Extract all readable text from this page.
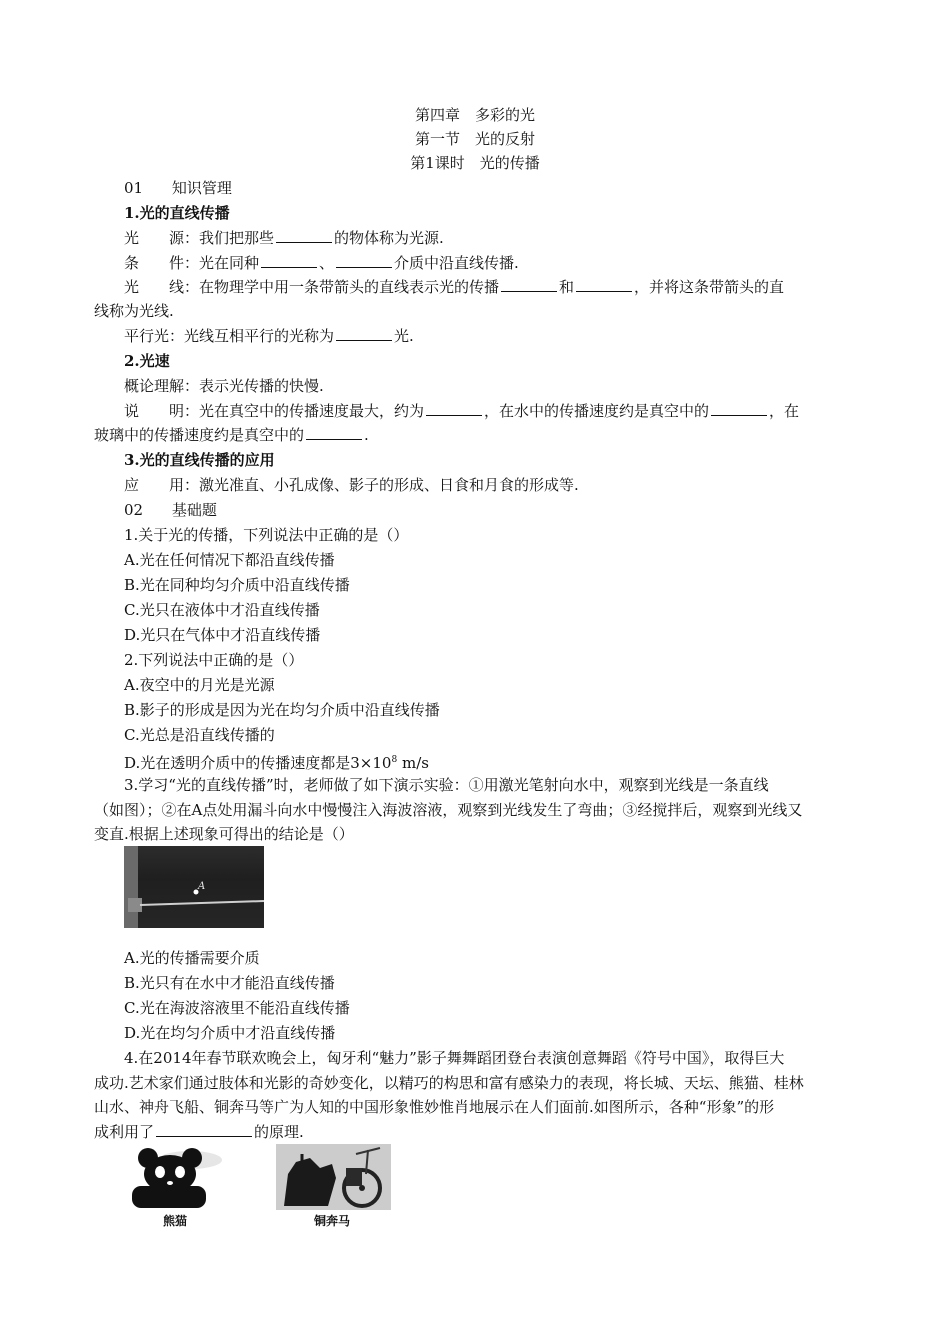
第四章　多彩的光
第一节　光的反射
第1课时　光的传播
01 知识管理
1.光的直线传播
光　　源：我们把那些	的物体称为光源.
条　　件：光在同种	、	介质中沿直线传播.
光　　线：在物理学中用一条带箭头的直线表示光的传播	和	，并将这条带箭头的直
线称为光线.
平行光：光线互相平行的光称为	光.
2.光速
概论理解：表示光传播的快慢.
说　　明：光在真空中的传播速度最大，约为	，在水中的传播速度约是真空中的	，在
玻璃中的传播速度约是真空中的	.
3.光的直线传播的应用
应　　用：激光准直、小孔成像、影子的形成、日食和月食的形成等.
02 基础题
1.关于光的传播，下列说法中正确的是（）
A.光在任何情况下都沿直线传播
B.光在同种均匀介质中沿直线传播
C.光只在液体中才沿直线传播
D.光只在气体中才沿直线传播
2.下列说法中正确的是（）
A.夜空中的月光是光源
B.影子的形成是因为光在均匀介质中沿直线传播
C.光总是沿直线传播的
D.光在透明介质中的传播速度都是$3\times 10^8$ m/s
3.学习“光的直线传播”时，老师做了如下演示实验：①用激光笔射向水中，观察到光线是一条直线
（如图）；②在A点处用漏斗向水中慢慢注入海波溶液，观察到光线发生了弯曲；③经搅拌后，观察到光线又
变直.根据上述现象可得出的结论是（）
A
A.光的传播需要介质
B.光只有在水中才能沿直线传播
C.光在海波溶液里不能沿直线传播
D.光在均匀介质中才沿直线传播
4.在2014年春节联欢晚会上，匈牙利“魅力”影子舞舞蹈团登台表演创意舞蹈《符号中国》，取得巨大
成功.艺术家们通过肢体和光影的奇妙变化，以精巧的构思和富有感染力的表现，将长城、天坛、熊猫、桂林
山水、神舟飞船、铜奔马等广为人知的中国形象惟妙惟肖地展示在人们面前.如图所示，各种“形象”的形
成利用了	的原理.
熊猫	铜奔马
